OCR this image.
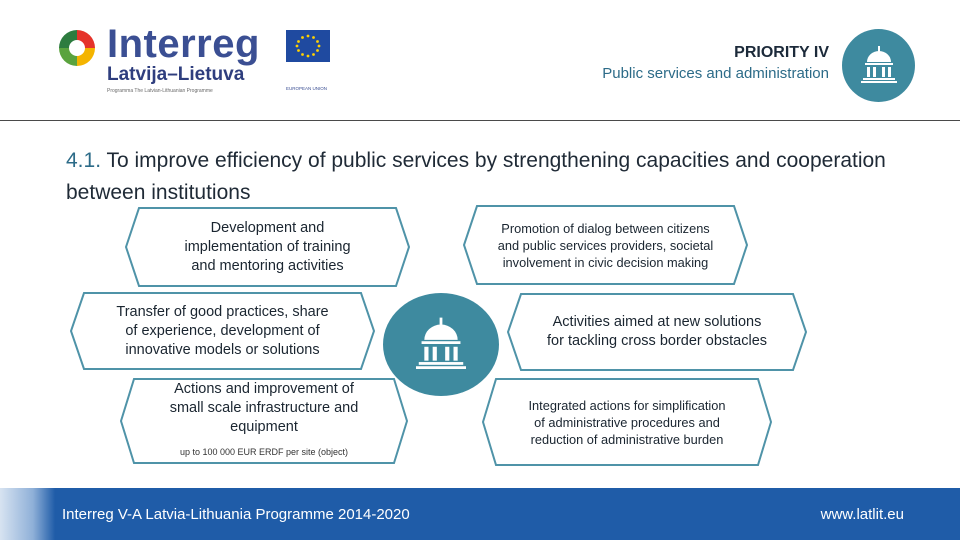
Interreg
Latvija–Lietuva
Programma The Latvian-Lithuanian Programme	EUROPEAN UNION
PRIORITY IV
Public services and administration
4.1. To improve efficiency of public services by strengthening capacities and cooperation between institutions
Development and implementation of training and mentoring activities
Transfer of good practices, share of experience, development of innovative models or solutions
Actions and improvement of small scale infrastructure and equipment
up to 100 000 EUR ERDF per site (object)
Promotion of dialog between citizens and public services providers, societal involvement in civic decision making
Activities aimed at new solutions for tackling cross border obstacles
Integrated actions for simplification of administrative procedures and reduction of administrative burden
Interreg V-A Latvia-Lithuania Programme 2014-2020	www.latlit.eu
